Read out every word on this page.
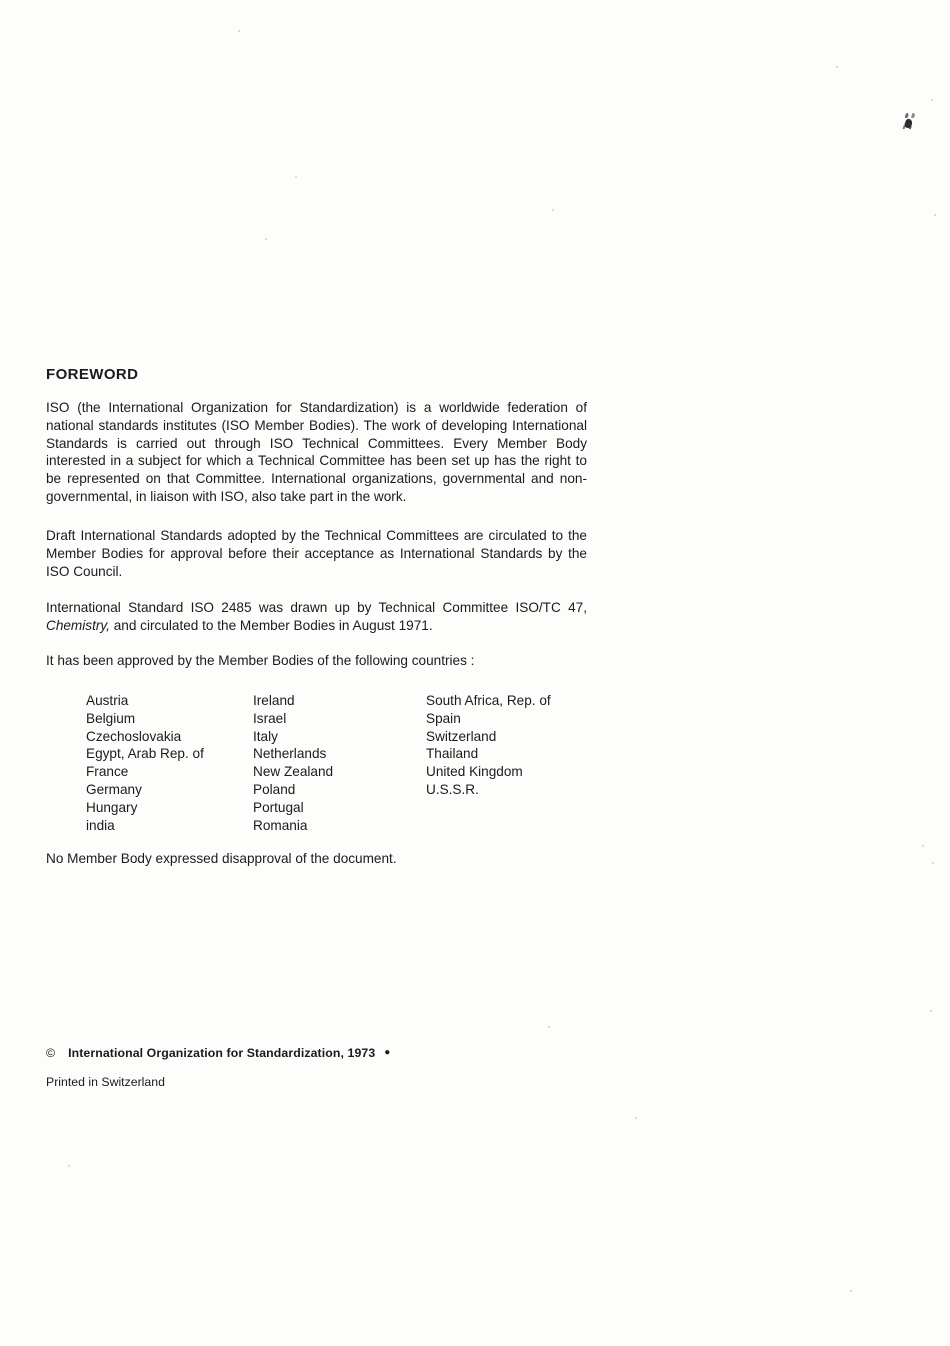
FOREWORD

ISO (the International Organization for Standardization) is a worldwide federation of national standards institutes (ISO Member Bodies). The work of developing International Standards is carried out through ISO Technical Committees. Every Member Body interested in a subject for which a Technical Committee has been set up has the right to be represented on that Committee. International organizations, governmental and non-governmental, in liaison with ISO, also take part in the work.

Draft International Standards adopted by the Technical Committees are circulated to the Member Bodies for approval before their acceptance as International Standards by the ISO Council.

International Standard ISO 2485 was drawn up by Technical Committee ISO/TC 47, Chemistry, and circulated to the Member Bodies in August 1971.

It has been approved by the Member Bodies of the following countries :

Austria
Belgium
Czechoslovakia
Egypt, Arab Rep. of
France
Germany
Hungary
india
Ireland
Israel
Italy
Netherlands
New Zealand
Poland
Portugal
Romania
South Africa, Rep. of
Spain
Switzerland
Thailand
United Kingdom
U.S.S.R.

No Member Body expressed disapproval of the document.

© International Organization for Standardization, 1973 ●

Printed in Switzerland
